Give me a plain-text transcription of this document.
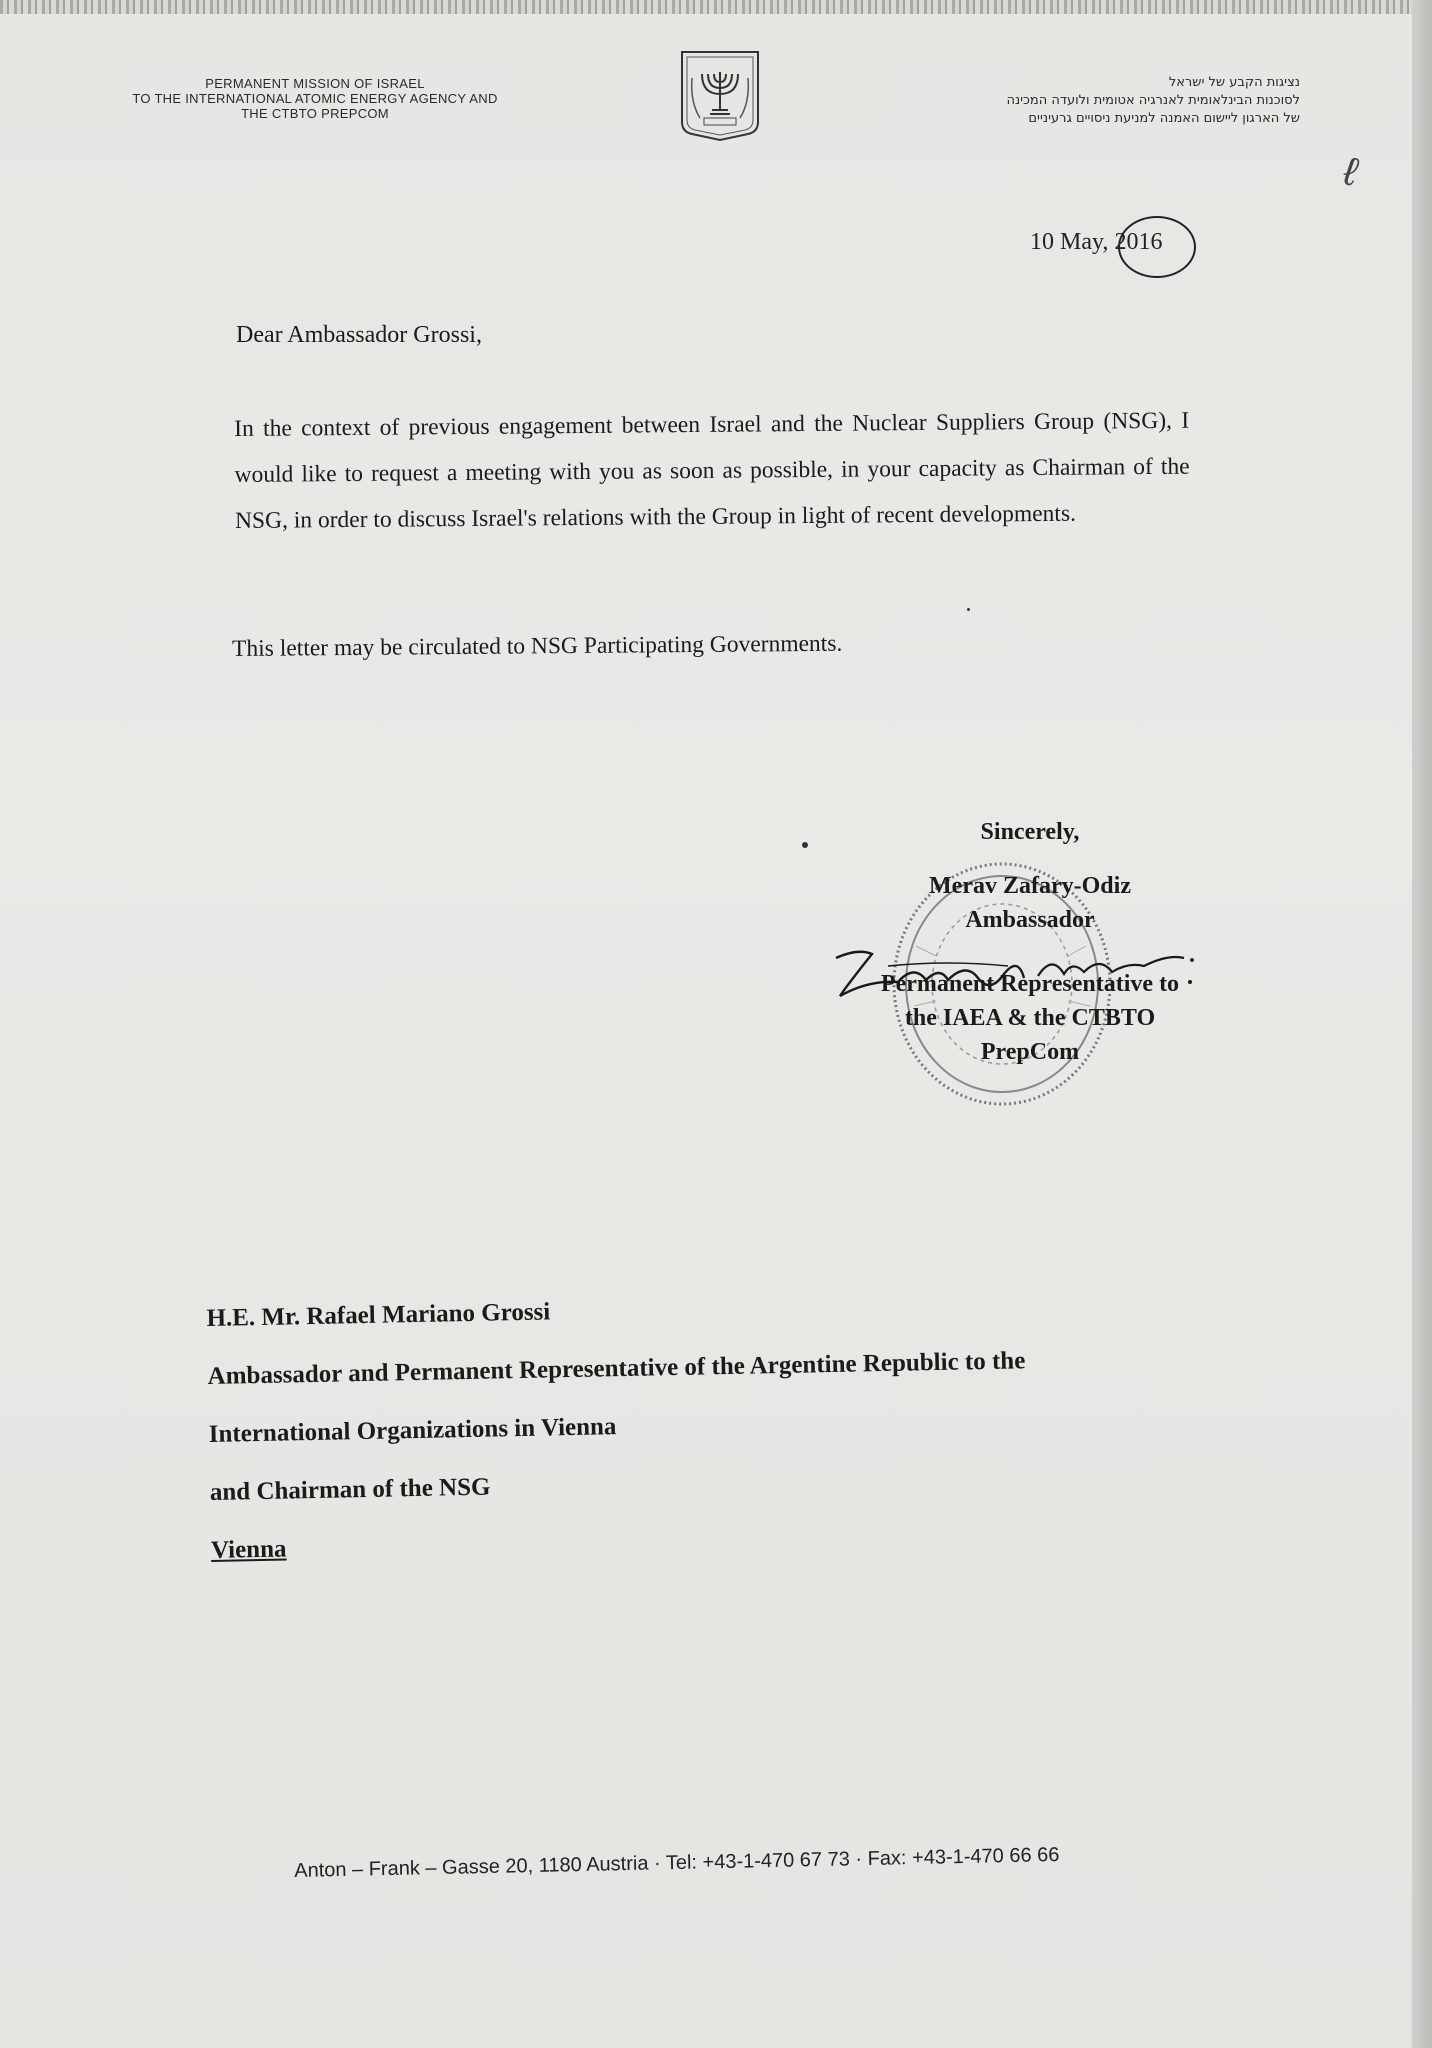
PERMANENT MISSION OF ISRAEL
TO THE INTERNATIONAL ATOMIC ENERGY AGENCY AND
THE CTBTO PREPCOM
נציגות הקבע של ישראל
לסוכנות הבינלאומית לאנרגיה אטומית ולועדה המכינה
של הארגון ליישום האמנה למניעת ניסויים גרעיניים
ℓ
10 May, 2016
Dear Ambassador Grossi,
In the context of previous engagement between Israel and the Nuclear Suppliers Group (NSG), I would like to request a meeting with you as soon as possible, in your capacity as Chairman of the NSG, in order to discuss Israel's relations with the Group in light of recent developments.
This letter may be circulated to NSG Participating Governments.
Sincerely,
Merav Zafary-Odiz
Ambassador
Permanent Representative to
the IAEA & the CTBTO
PrepCom
H.E. Mr. Rafael Mariano Grossi
Ambassador and Permanent Representative of the Argentine Republic to the
International Organizations in Vienna
and Chairman of the NSG
Vienna
Anton – Frank – Gasse 20, 1180 Austria · Tel: +43-1-470 67 73 · Fax: +43-1-470 66 66
